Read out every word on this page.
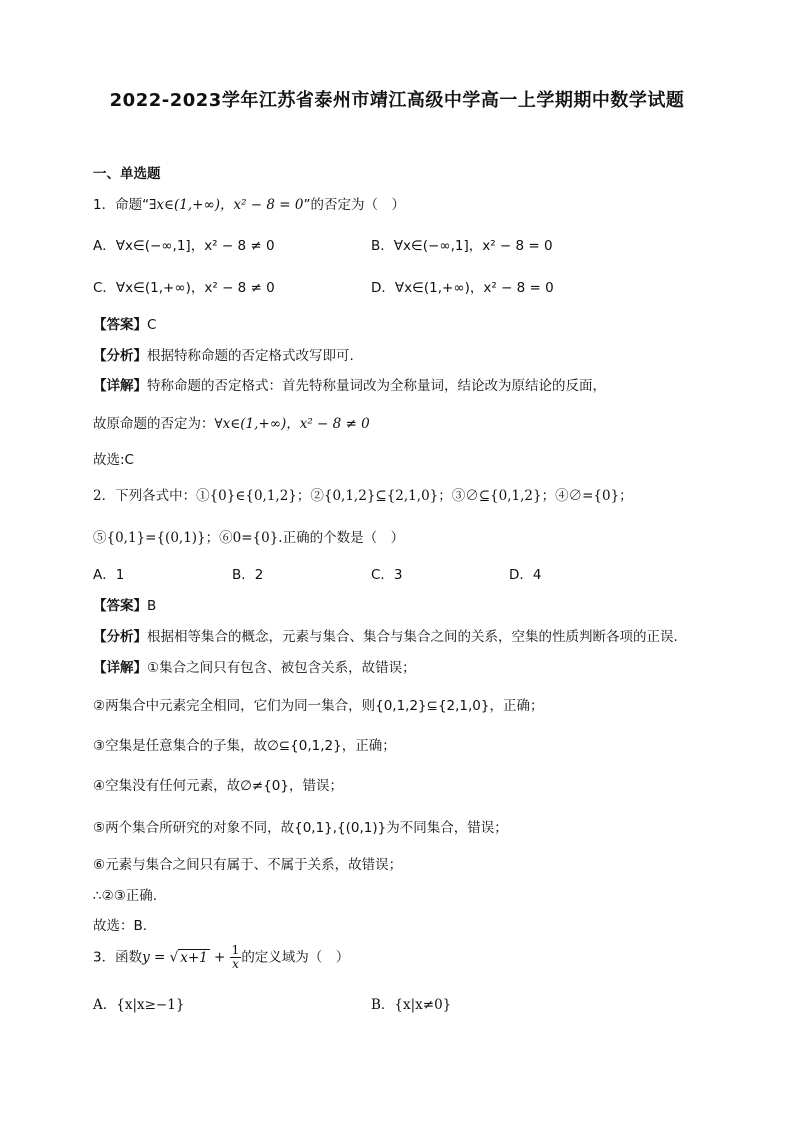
2022-2023学年江苏省泰州市靖江高级中学高一上学期期中数学试题
一、单选题
1．命题“∃x∈(1,+∞)，x² − 8 = 0”的否定为（　）
A．∀x∈(−∞,1]，x² − 8 ≠ 0	B．∀x∈(−∞,1]，x² − 8 = 0
C．∀x∈(1,+∞)，x² − 8 ≠ 0	D．∀x∈(1,+∞)，x² − 8 = 0
【答案】C
【分析】根据特称命题的否定格式改写即可.
【详解】特称命题的否定格式：首先特称量词改为全称量词，结论改为原结论的反面，
故原命题的否定为：∀x∈(1,+∞)，x² − 8 ≠ 0
故选:C
2．下列各式中：①{0}∈{0,1,2}；②{0,1,2}⊆{2,1,0}；③∅⊆{0,1,2}；④∅={0}；
⑤{0,1}={(0,1)}；⑥0={0}.正确的个数是（　）
A．1	B．2	C．3	D．4
【答案】B
【分析】根据相等集合的概念，元素与集合、集合与集合之间的关系，空集的性质判断各项的正误.
【详解】①集合之间只有包含、被包含关系，故错误；
②两集合中元素完全相同，它们为同一集合，则{0,1,2}⊆{2,1,0}，正确；
③空集是任意集合的子集，故∅⊆{0,1,2}，正确；
④空集没有任何元素，故∅≠{0}，错误；
⑤两个集合所研究的对象不同，故{0,1},{(0,1)}为不同集合，错误；
⑥元素与集合之间只有属于、不属于关系，故错误；
∴②③正确.
故选：B.
3．函数y = √ $x+1 + \frac{1}{x}$ 的定义域为（　）
A．{x|x≥−1}	B．{x|x≠0}
